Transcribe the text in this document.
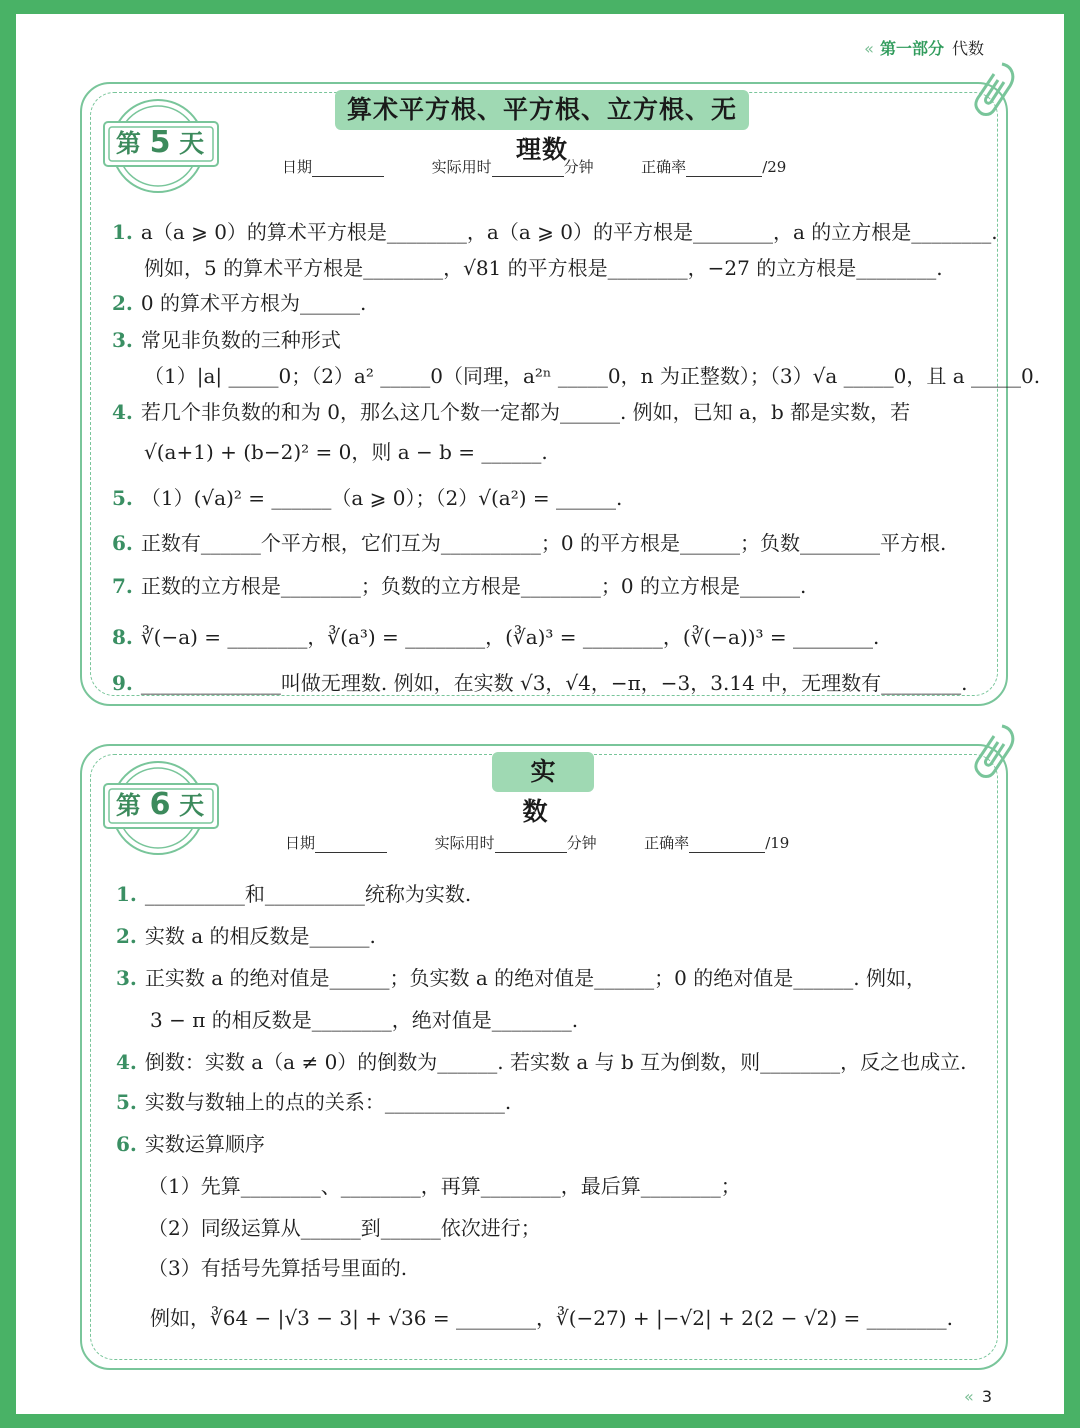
« 第一部分 代数
算术平方根、平方根、立方根、无理数
第 5 天
日期	实际用时	分钟	正确率	/29
1. a（a ⩾ 0）的算术平方根是________，a（a ⩾ 0）的平方根是________，a 的立方根是________.
例如，5 的算术平方根是________，√81 的平方根是________，−27 的立方根是________.
2. 0 的算术平方根为______.
3. 常见非负数的三种形式
（1）|a| _____0；（2）a² _____0（同理，a²ⁿ _____0，n 为正整数）；（3）√a _____0，且 a _____0.
4. 若几个非负数的和为 0，那么这几个数一定都为______. 例如，已知 a，b 都是实数，若
√(a+1) + (b−2)² = 0，则 a − b = ______.
5. （1）(√a)² = ______（a ⩾ 0）；（2）√(a²) = ______.
6. 正数有______个平方根，它们互为__________；0 的平方根是______；负数________平方根.
7. 正数的立方根是________；负数的立方根是________；0 的立方根是______.
8. ∛(−a) = ________，∛(a³) = ________，(∛a)³ = ________，(∛(−a))³ = ________.
9. ______________叫做无理数. 例如，在实数 √3，√4，−π，−3，3.14 中，无理数有________.
实 数
第 6 天
日期	实际用时	分钟	正确率	/19
1. __________和__________统称为实数.
2. 实数 a 的相反数是______.
3. 正实数 a 的绝对值是______；负实数 a 的绝对值是______；0 的绝对值是______. 例如，
3 − π 的相反数是________，绝对值是________.
4. 倒数：实数 a（a ≠ 0）的倒数为______. 若实数 a 与 b 互为倒数，则________，反之也成立.
5. 实数与数轴上的点的关系：____________.
6. 实数运算顺序
（1）先算________、________，再算________，最后算________；
（2）同级运算从______到______依次进行；
（3）有括号先算括号里面的.
例如，∛64 − |√3 − 3| + √36 = ________，∛(−27) + |−√2| + 2(2 − √2) = ________.
« 3
